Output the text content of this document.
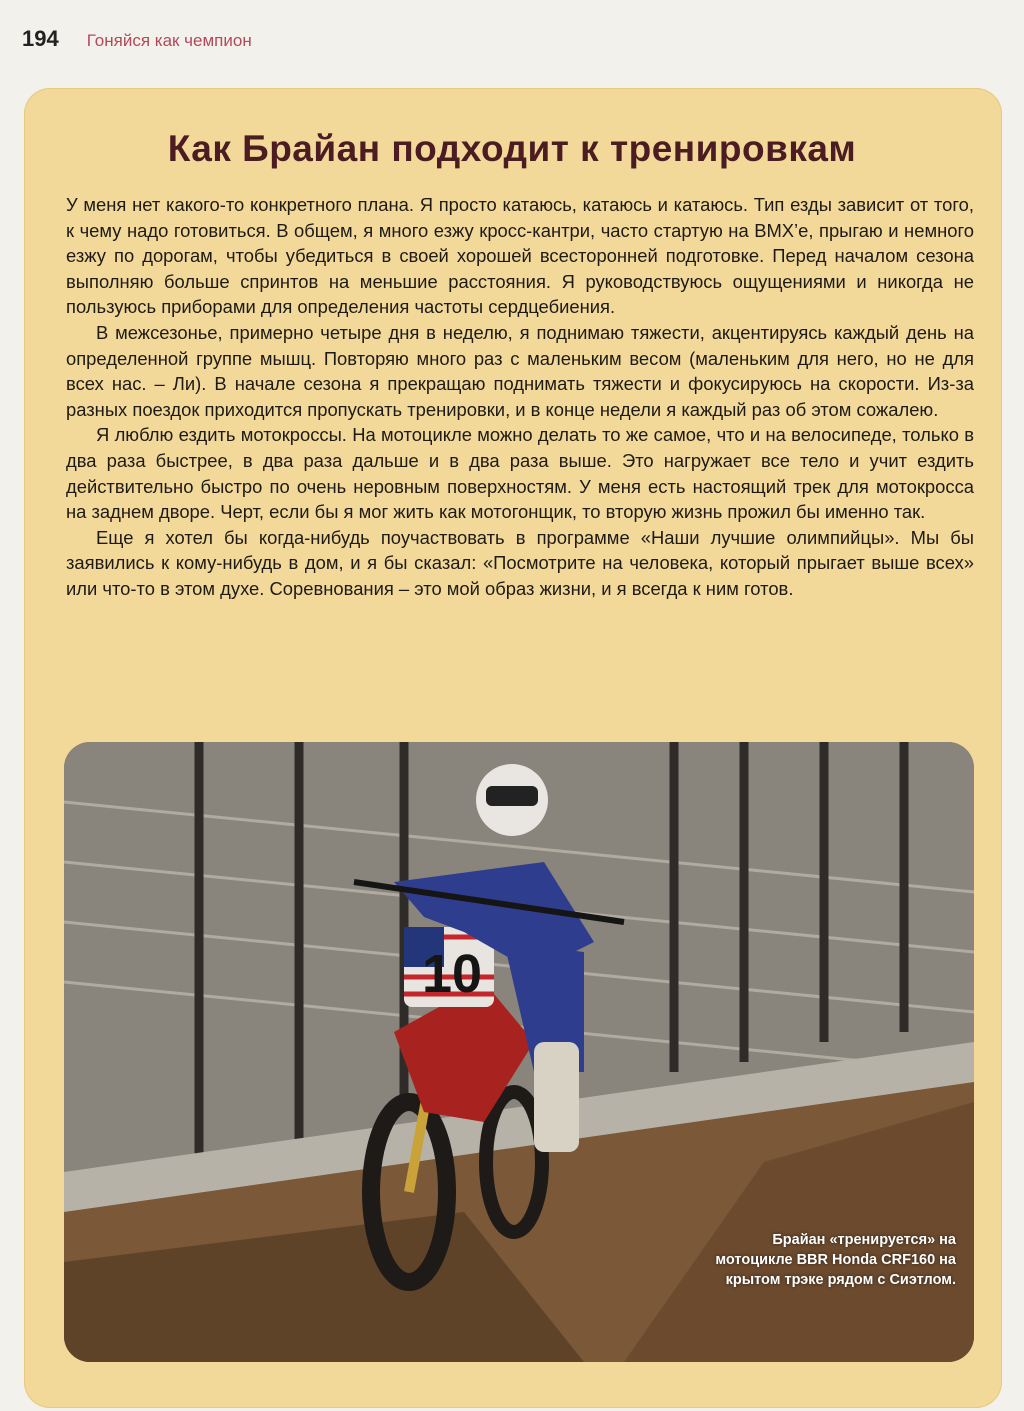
194 Гоняйся как чемпион
Как Брайан подходит к тренировкам

У меня нет какого-то конкретного плана. Я просто катаюсь, катаюсь и катаюсь. Тип езды зависит от того, к чему надо готовиться. В общем, я много езжу кросс-кантри, часто стартую на BMX’е, прыгаю и немного езжу по дорогам, чтобы убедиться в своей хорошей всесторонней подготовке. Перед началом сезона выполняю больше спринтов на меньшие расстояния. Я руководствуюсь ощущениями и никогда не пользуюсь приборами для определения частоты сердцебиения.

В межсезонье, примерно четыре дня в неделю, я поднимаю тяжести, акцентируясь каждый день на определенной группе мышц. Повторяю много раз с маленьким весом (маленьким для него, но не для всех нас. – Ли). В начале сезона я прекращаю поднимать тяжести и фокусируюсь на скорости. Из-за разных поездок приходится пропускать тренировки, и в конце недели я каждый раз об этом сожалею.

Я люблю ездить мотокроссы. На мотоцикле можно делать то же самое, что и на велосипеде, только в два раза быстрее, в два раза дальше и в два раза выше. Это нагружает все тело и учит ездить действительно быстро по очень неровным поверхностям. У меня есть настоящий трек для мотокросса на заднем дворе. Черт, если бы я мог жить как мотогонщик, то вторую жизнь прожил бы именно так.

Еще я хотел бы когда-нибудь поучаствовать в программе «Наши лучшие олимпийцы». Мы бы заявились к кому-нибудь в дом, и я бы сказал: «Посмотрите на человека, который прыгает выше всех» или что-то в этом духе. Соревнования – это мой образ жизни, и я всегда к ним готов.

10
Брайан «тренируется» на мотоцикле BBR Honda CRF160 на крытом трэке рядом с Сиэтлом.
